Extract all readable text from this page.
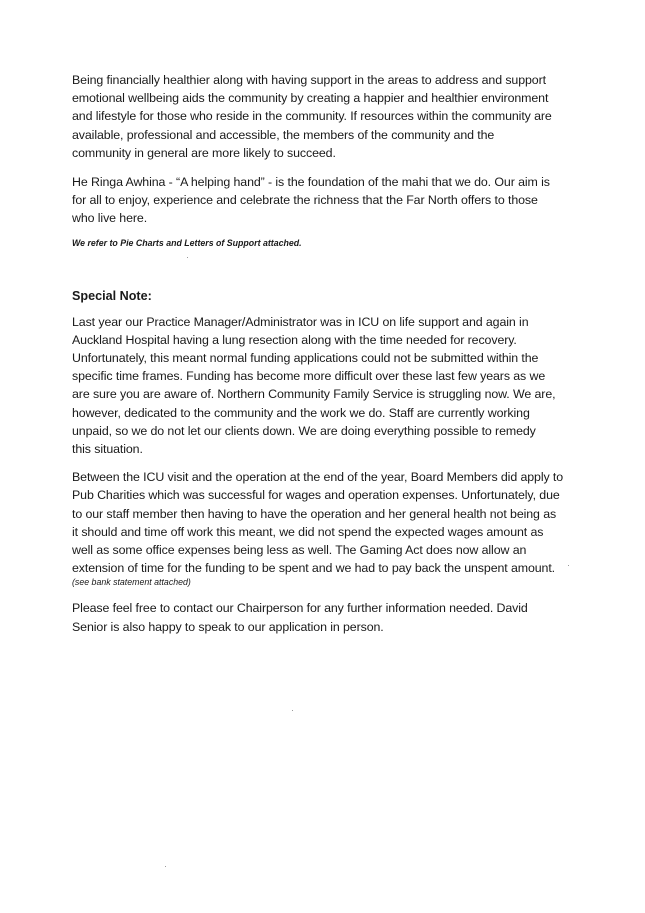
Being financially healthier along with having support in the areas to address and support
emotional wellbeing aids the community by creating a happier and healthier environment
and lifestyle for those who reside in the community. If resources within the community are
available, professional and accessible, the members of the community and the
community in general are more likely to succeed.

He Ringa Awhina - “A helping hand” - is the foundation of the mahi that we do. Our aim is
for all to enjoy, experience and celebrate the richness that the Far North offers to those
who live here.

We refer to Pie Charts and Letters of Support attached.

Special Note:

Last year our Practice Manager/Administrator was in ICU on life support and again in
Auckland Hospital having a lung resection along with the time needed for recovery.
Unfortunately, this meant normal funding applications could not be submitted within the
specific time frames. Funding has become more difficult over these last few years as we
are sure you are aware of. Northern Community Family Service is struggling now. We are,
however, dedicated to the community and the work we do. Staff are currently working
unpaid, so we do not let our clients down. We are doing everything possible to remedy
this situation.

Between the ICU visit and the operation at the end of the year, Board Members did apply to
Pub Charities which was successful for wages and operation expenses. Unfortunately, due
to our staff member then having to have the operation and her general health not being as
it should and time off work this meant, we did not spend the expected wages amount as
well as some office expenses being less as well. The Gaming Act does now allow an
extension of time for the funding to be spent and we had to pay back the unspent amount.

(see bank statement attached)

Please feel free to contact our Chairperson for any further information needed. David
Senior is also happy to speak to our application in person.
